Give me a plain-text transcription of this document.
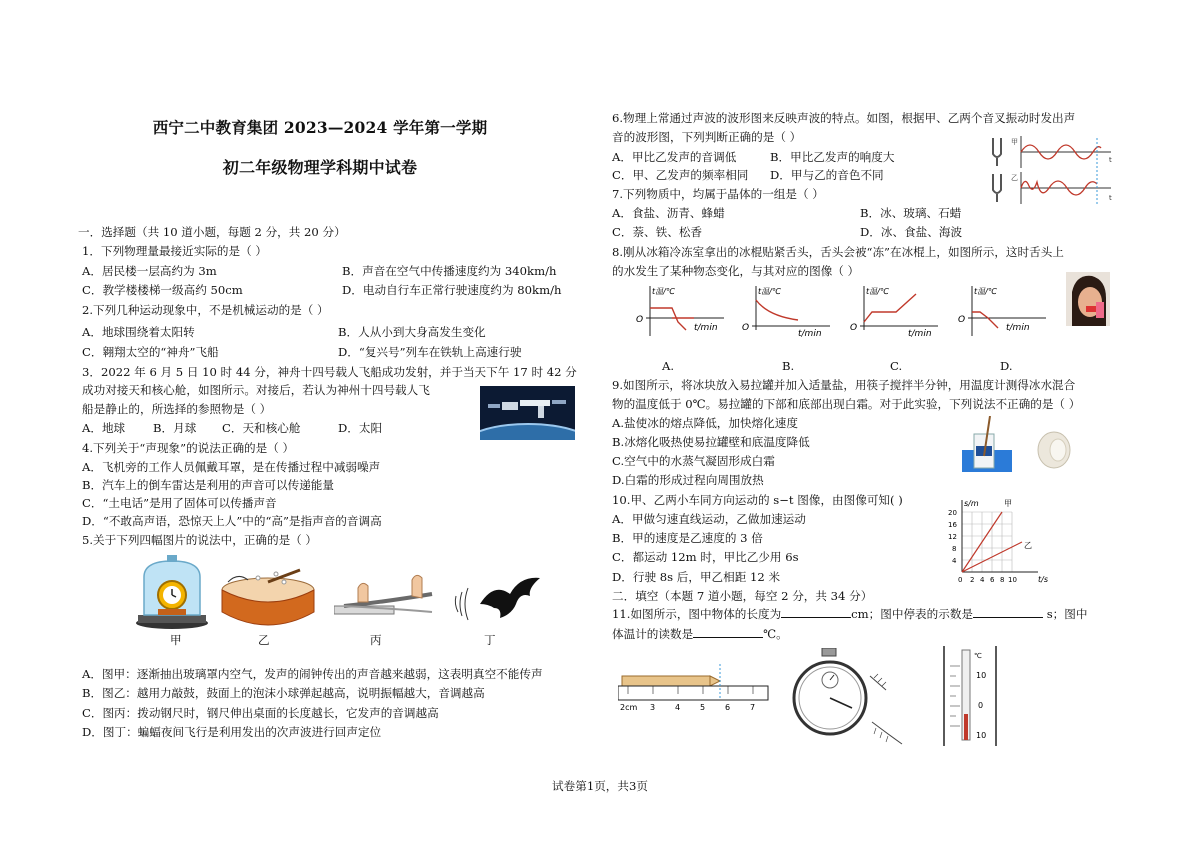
西宁二中教育集团 2023—2024 学年第一学期
初二年级物理学科期中试卷
一．选择题（共 10 道小题，每题 2 分，共 20 分）
1．下列物理量最接近实际的是（ ）
A．居民楼一层高约为 3m	B．声音在空气中传播速度约为 340km/h
C．教学楼楼梯一级高约 50cm	D．电动自行车正常行驶速度约为 80km/h
2.下列几种运动现象中，不是机械运动的是（ ）
A．地球围绕着太阳转	B．人从小到大身高发生变化
C．翱翔太空的“神舟”飞船	D．“复兴号”列车在铁轨上高速行驶
3．2022 年 6 月 5 日 10 时 44 分，神舟十四号载人飞船成功发射，并于当天下午 17 时 42 分
成功对接天和核心舱，如图所示。对接后，若认为神州十四号载人飞
船是静止的，所选择的参照物是（ ）
A．地球 B．月球 C．天和核心舱	D．太阳
4.下列关于“声现象”的说法正确的是（ ）
A．飞机旁的工作人员佩戴耳罩，是在传播过程中减弱噪声
B．汽车上的倒车雷达是利用的声音可以传递能量
C．“土电话”是用了固体可以传播声音
D．“不敢高声语，恐惊天上人”中的“高”是指声音的音调高
5.关于下列四幅图片的说法中，正确的是（ ）
甲	乙	丙	丁
A．图甲：逐渐抽出玻璃罩内空气，发声的闹钟传出的声音越来越弱，这表明真空不能传声
B．图乙：越用力敲鼓，鼓面上的泡沫小球弹起越高，说明振幅越大，音调越高
C．图丙：拨动钢尺时，钢尺伸出桌面的长度越长，它发声的音调越高
D．图丁：蝙蝠夜间飞行是利用发出的次声波进行回声定位
6.物理上常通过声波的波形图来反映声波的特点。如图，根据甲、乙两个音叉振动时发出声
音的波形图，下列判断正确的是（ ）
A．甲比乙发声的音调低	B．甲比乙发声的响度大
C．甲、乙发声的频率相同 D．甲与乙的音色不同
甲
乙
t
t
7.下列物质中，均属于晶体的一组是（ ）
A．食盐、沥青、蜂蜡	B．冰、玻璃、石蜡
C．萘、铁、松香	D．冰、食盐、海波
8.刚从冰箱冷冻室拿出的冰棍贴紧舌头，舌头会被“冻”在冰棍上，如图所示，这时舌头上
的水发生了某种物态变化，与其对应的图像（ ）
t温/℃
O
t/min
t温/℃
O
t/min
t温/℃
O
t/min
t温/℃
O
t/min
A.	B.	C.	D.
9.如图所示，将冰块放入易拉罐并加入适量盐，用筷子搅拌半分钟，用温度计测得冰水混合
物的温度低于 0℃。易拉罐的下部和底部出现白霜。对于此实验，下列说法不正确的是（ ）
A.盐使冰的熔点降低，加快熔化速度
B.冰熔化吸热使易拉罐壁和底温度降低
C.空气中的水蒸气凝固形成白霜
D.白霜的形成过程向周围放热
10.甲、乙两小车同方向运动的 s−t 图像，由图像可知( )
A．甲做匀速直线运动，乙做加速运动
B．甲的速度是乙速度的 3 倍
C．都运动 12m 时，甲比乙少用 6s
D．行驶 8s 后，甲乙相距 12 米
s/m	甲
乙
t/s
20
16
12
8
4
0 2 4 6 8 10
二．填空（本题 7 道小题，每空 2 分，共 34 分）
11.如图所示，图中物体的长度为	cm；图中停表的示数是	s；图中
体温计的读数是	℃。
2cm 3 4 5 6 7
℃
10
0
10
试卷第1页，共3页
